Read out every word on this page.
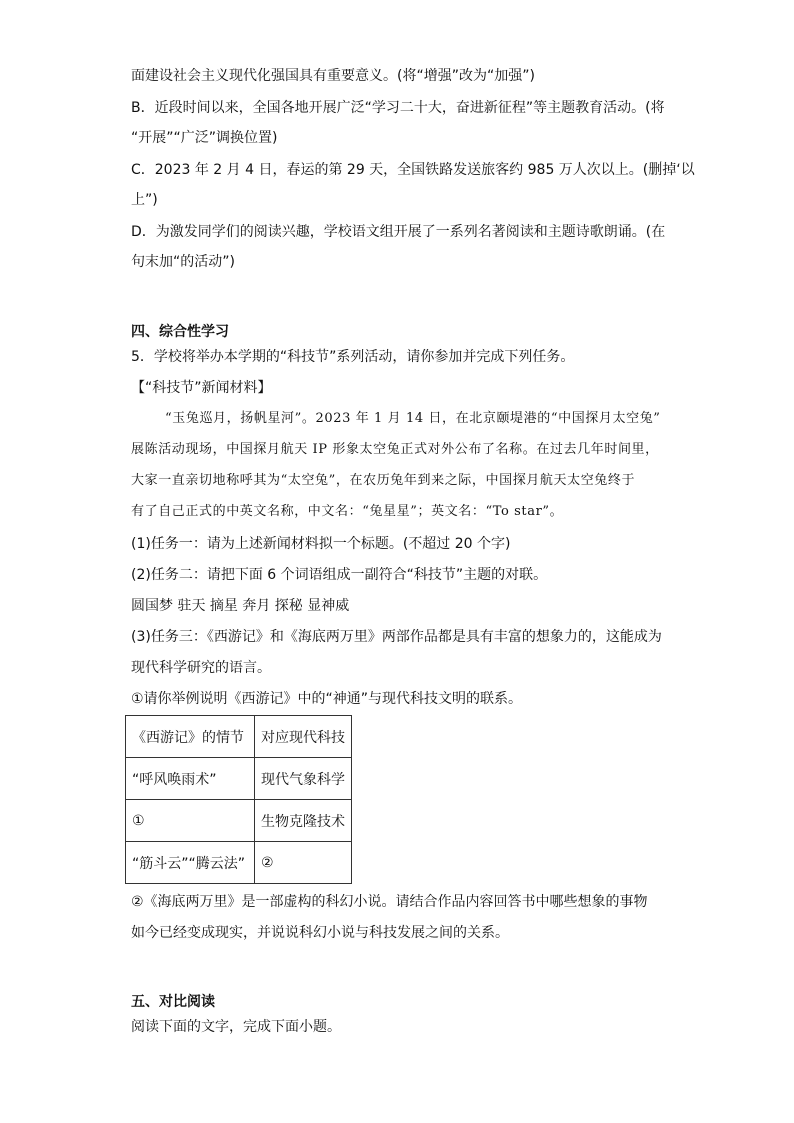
面建设社会主义现代化强国具有重要意义。(将“增强”改为“加强”)
B．近段时间以来，全国各地开展广泛“学习二十大，奋进新征程”等主题教育活动。(将
“开展”“广泛”调换位置)
C．2023 年 2 月 4 日，春运的第 29 天，全国铁路发送旅客约 985 万人次以上。(删掉‘以
上”)
D．为激发同学们的阅读兴趣，学校语文组开展了一系列名著阅读和主题诗歌朗诵。(在
句末加“的活动”)
四、综合性学习
5．学校将举办本学期的“科技节”系列活动，请你参加并完成下列任务。
【“科技节”新闻材料】
“玉兔巡月，扬帆星河”。2023 年 1 月 14 日，在北京颐堤港的“中国探月太空兔”
展陈活动现场，中国探月航天 IP 形象太空兔正式对外公布了名称。在过去几年时间里，
大家一直亲切地称呼其为“太空兔”，在农历兔年到来之际，中国探月航天太空兔终于
有了自己正式的中英文名称，中文名：“兔星星”；英文名：“To star”。
(1)任务一：请为上述新闻材料拟一个标题。(不超过 20 个字)
(2)任务二：请把下面 6 个词语组成一副符合“科技节”主题的对联。
圆国梦 驻天 摘星 奔月 探秘 显神威
(3)任务三：《西游记》和《海底两万里》两部作品都是具有丰富的想象力的，这能成为
现代科学研究的语言。
①请你举例说明《西游记》中的“神通”与现代科技文明的联系。
《西游记》的情节	对应现代科技
“呼风唤雨术”	现代气象科学
①	生物克隆技术
“筋斗云”“腾云法”	②
②《海底两万里》是一部虚构的科幻小说。请结合作品内容回答书中哪些想象的事物
如今已经变成现实，并说说科幻小说与科技发展之间的关系。
五、对比阅读
阅读下面的文字，完成下面小题。
